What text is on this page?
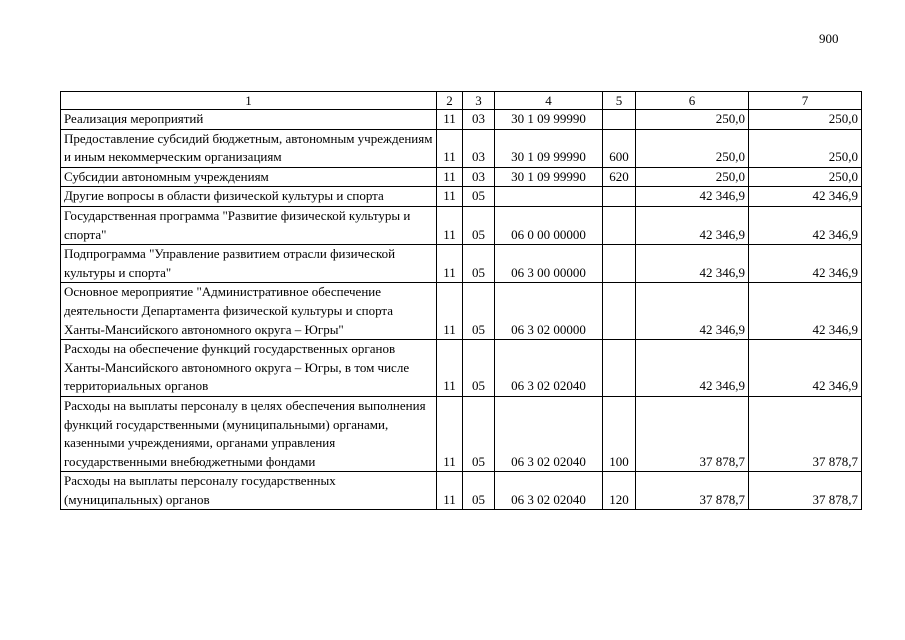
900
1	2	3	4	5	6	7
Реализация мероприятий	11	03	30 1 09 99990		250,0	250,0
Предоставление субсидий бюджетным, автономным учреждениям и иным некоммерческим организациям	11	03	30 1 09 99990	600	250,0	250,0
Субсидии автономным учреждениям	11	03	30 1 09 99990	620	250,0	250,0
Другие вопросы в области физической культуры и спорта	11	05			42 346,9	42 346,9
Государственная программа "Развитие физической культуры и спорта"	11	05	06 0 00 00000		42 346,9	42 346,9
Подпрограмма "Управление развитием отрасли физической культуры и спорта"	11	05	06 3 00 00000		42 346,9	42 346,9
Основное мероприятие "Административное обеспечение деятельности Департамента физической культуры и спорта Ханты-Мансийского автономного округа – Югры"	11	05	06 3 02 00000		42 346,9	42 346,9
Расходы на обеспечение функций государственных органов Ханты-Мансийского автономного округа – Югры, в том числе территориальных органов	11	05	06 3 02 02040		42 346,9	42 346,9
Расходы на выплаты персоналу в целях обеспечения выполнения функций государственными (муниципальными) органами, казенными учреждениями, органами управления государственными внебюджетными фондами	11	05	06 3 02 02040	100	37 878,7	37 878,7
Расходы на выплаты персоналу государственных (муниципальных) органов	11	05	06 3 02 02040	120	37 878,7	37 878,7
